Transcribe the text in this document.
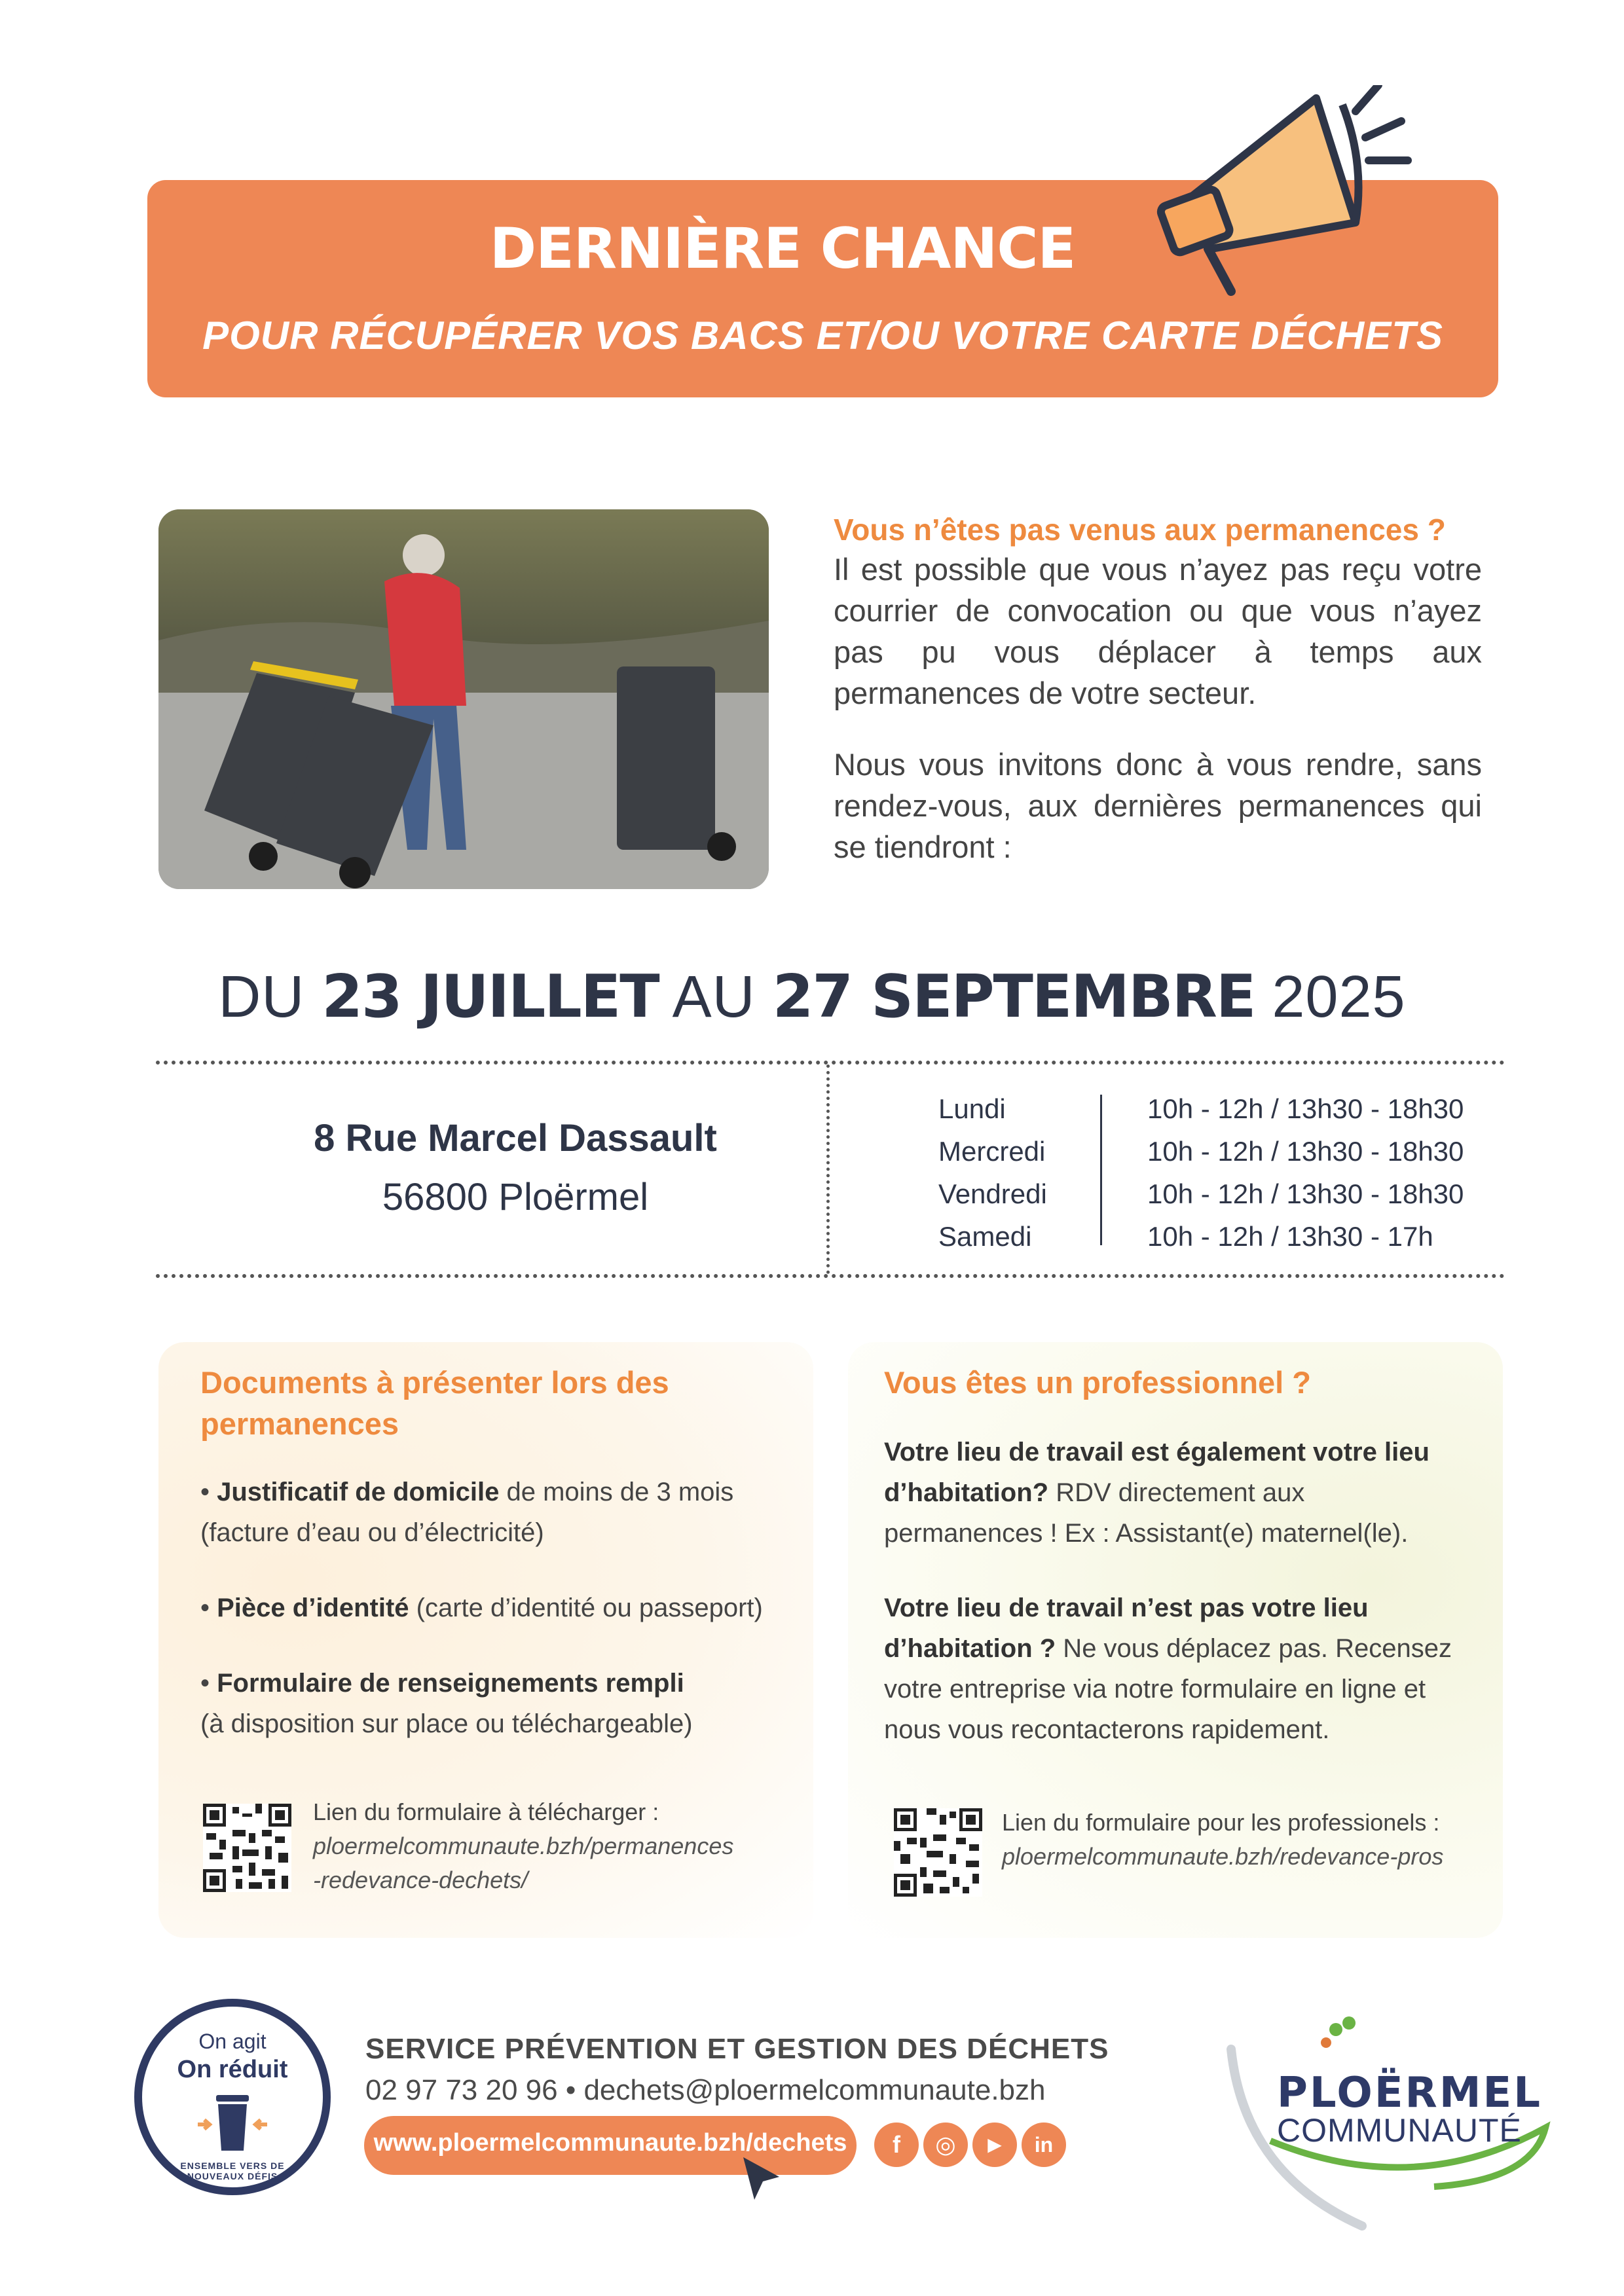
DERNIÈRE CHANCE
POUR RÉCUPÉRER VOS BACS ET/OU VOTRE CARTE DÉCHETS
Vous n’êtes pas venus aux permanences ?
Il est possible que vous n’ayez pas reçu votre courrier de convocation ou que vous n’ayez pas pu vous déplacer à temps aux permanences de votre secteur.
Nous vous invitons donc à vous rendre, sans rendez-vous, aux dernières permanences qui se tiendront :
DU 23 JUILLET AU 27 SEPTEMBRE 2025
8 Rue Marcel Dassault
56800 Ploërmel
Lundi	10h - 12h / 13h30 - 18h30
Mercredi	10h - 12h / 13h30 - 18h30
Vendredi	10h - 12h / 13h30 - 18h30
Samedi	10h - 12h / 13h30 - 17h
Documents à présenter lors des permanences
• Justificatif de domicile de moins de 3 mois
(facture d’eau ou d’électricité)
• Pièce d’identité (carte d’identité ou passeport)
• Formulaire de renseignements rempli
(à disposition sur place ou téléchargeable)
Lien du formulaire à télécharger :
ploermelcommunaute.bzh/permanences
-redevance-dechets/
Vous êtes un professionnel ?
Votre lieu de travail est également votre lieu d’habitation? RDV directement aux permanences ! Ex : Assistant(e) maternel(le).
Votre lieu de travail n’est pas votre lieu d’habitation ? Ne vous déplacez pas. Recensez votre entreprise via notre formulaire en ligne et nous vous recontacterons rapidement.
Lien du formulaire pour les professionels :
ploermelcommunaute.bzh/redevance-pros
On agit
On réduit
ENSEMBLE VERS DE NOUVEAUX DÉFIS
SERVICE PRÉVENTION ET GESTION DES DÉCHETS
02 97 73 20 96 • dechets@ploermelcommunaute.bzh
www.ploermelcommunaute.bzh/dechets	f	◎	▶	in
PLOËRMEL
COMMUNAUTÉ
